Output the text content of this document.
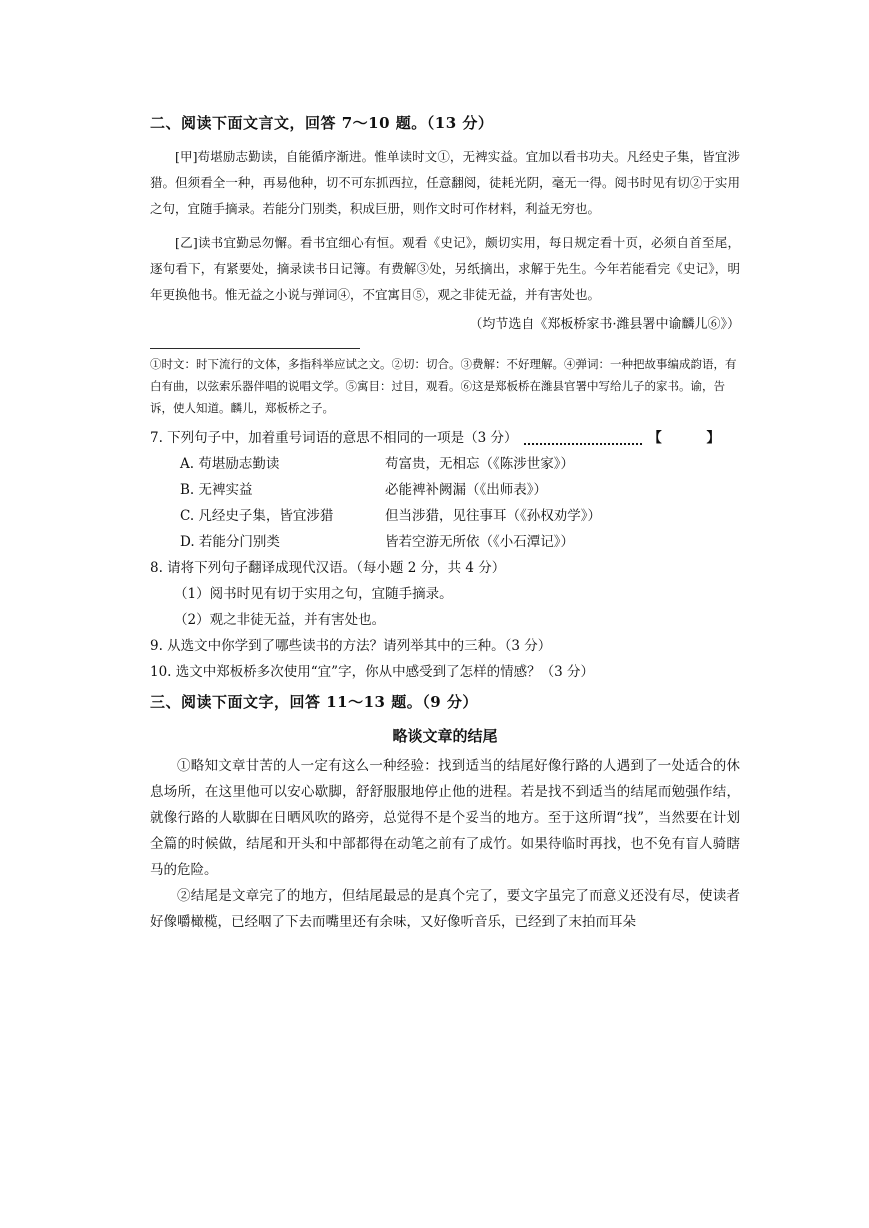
二、阅读下面文言文，回答 7～10 题。（13 分）

[甲]苟堪励志勤读，自能循序渐进。惟单读时文①，无裨实益。宜加以看书功夫。凡经史子集，皆宜涉猎。但须看全一种，再易他种，切不可东抓西拉，任意翻阅，徒耗光阴，毫无一得。阅书时见有切②于实用之句，宜随手摘录。若能分门别类，积成巨册，则作文时可作材料，利益无穷也。

[乙]读书宜勤忌勿懈。看书宜细心有恒。观看《史记》，颇切实用，每日规定看十页，必须自首至尾，逐句看下，有紧要处，摘录读书日记簿。有费解③处，另纸摘出，求解于先生。今年若能看完《史记》，明年更换他书。惟无益之小说与弹词④，不宜寓目⑤，观之非徒无益，并有害处也。

（均节选自《郑板桥家书·潍县署中谕麟儿⑥》）

①时文：时下流行的文体，多指科举应试之文。②切：切合。③费解：不好理解。④弹词：一种把故事编成韵语，有白有曲，以弦索乐器伴唱的说唱文学。⑤寓目：过目，观看。⑥这是郑板桥在潍县官署中写给儿子的家书。谕，告诉，使人知道。麟儿，郑板桥之子。

7. 下列句子中，加着重号词语的意思不相同的一项是（3 分）	【 】
A. 苟堪励志勤读	苟富贵，无相忘（《陈涉世家》）
B. 无裨实益	必能裨补阙漏（《出师表》）
C. 凡经史子集，皆宜涉猎	但当涉猎，见往事耳（《孙权劝学》）
D. 若能分门别类	皆若空游无所依（《小石潭记》）

8. 请将下列句子翻译成现代汉语。（每小题 2 分，共 4 分）

（1）阅书时见有切于实用之句，宜随手摘录。

（2）观之非徒无益，并有害处也。

9. 从选文中你学到了哪些读书的方法？请列举其中的三种。（3 分）

10. 选文中郑板桥多次使用“宜”字，你从中感受到了怎样的情感？（3 分）

三、阅读下面文字，回答 11～13 题。（9 分）

略谈文章的结尾

①略知文章甘苦的人一定有这么一种经验：找到适当的结尾好像行路的人遇到了一处适合的休息场所，在这里他可以安心歇脚，舒舒服服地停止他的进程。若是找不到适当的结尾而勉强作结，就像行路的人歇脚在日晒风吹的路旁，总觉得不是个妥当的地方。至于这所谓“找”，当然要在计划全篇的时候做，结尾和开头和中部都得在动笔之前有了成竹。如果待临时再找，也不免有盲人骑瞎马的危险。

②结尾是文章完了的地方，但结尾最忌的是真个完了，要文字虽完了而意义还没有尽，使读者好像嚼橄榄，已经咽了下去而嘴里还有余味，又好像听音乐，已经到了末拍而耳朵
